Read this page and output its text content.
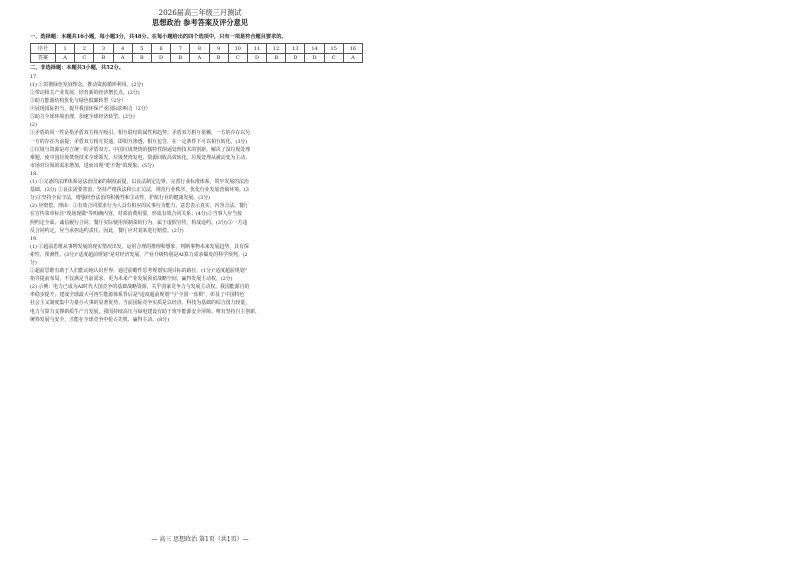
2026届高三年级三月测试
思想政治 参考答案及评分意见
一、选择题：本题共16小题，每小题3分，共48分。在每小题给出的四个选项中，只有一项是符合题目要求的。
序号	1	2	3	4	5	6	7	8	9	10	11	12	13	14	15	16
答案	A	C	B	A	B	D	B	A	B	C	D	B	D	D	C	A
二、非选择题：本题共3小题，共52分。

17.

(1) ①贯彻绿色发展理念，推动资源循环利用。(2分)

②带动相关产业发展，培育新的经济增长点。(2分)

③助力能源结构优化与绿色低碳转型（2分）

④展现国际担当，提升我国环保产业国际影响力（2分）

⑤助力全球环境治理，加速全球经济转型。(2分)

(2)

①矛盾的同一性是指矛盾双方相互吸引、相互联结的属性和趋势。矛盾双方相互依赖，一方的存在以另

一方的存在为前提；矛盾双方相互贯通，即相互渗透，相互包含，在一定条件下可以相互转化。(3分)

②垃圾与资源是对立统一的矛盾双方。中国垃圾焚烧的独特性倒逼处理技术的创新，解决了湿垃圾处理

难题，使中国垃圾焚烧技术全球领先。垃圾焚烧发电、资源回收高效转化。垃圾处理从被动变为主动，

市场对垃圾的需求增加，进而出现"吃不饱"的现象。(5分)

18.

(1) ①完备的法律体系是法治国家的制度前提，以良法制定边界，完善行业标准体系，筑牢发展的法治

基础。(3分) ②良法需要善治，坚持严格执法和公正司法，规范行业秩序，优化行业发展营商环境。(3

分)③坚持全民守法，增强经营法治的积极性和主动性，护航行业的健康发展。(3分)

(2) 应赔偿。理由：①有效合同要求行为人具有相应的民事行为能力，意思表示真实，内容合法。餐厅

在宣传菜单标注"现场现做"等明确内容，对菜消费用要，形成有效合同关系；(4分)②当事人应当按

照约定全面、诚信履行合同。餐厅实际使用预制菜的行为，属于虚假宣传，构成违约。(3分)③一方违

反合同约定，应当承担违约责任。因此，餐厅应对刘某进行赔偿。(2分)

19.

(1) ①超前思维从事物发展的现实情况出发，运用合理的推理和想象，判断事物未来发展趋势，具有探

索性、预测性。(3分)"适度超前规划"是对经济发展、产业升级特别是AI算力需求爆发的科学预判。(2

分)

②超前思维有助于人们能动地认识世界，通过前瞻性思考规划实现目标的路径。(1分)"适度超前规划"

指导提前布局，不仅满足当前需求，更为未来产业发展预留战略空间，赢得发展主动权。(2分)

(2) 示例：电力已成为AI时代大国竞争的基础战略资源，关乎国家竞争力与发展主动权。我国能源自给

率稳步提升，建成全球最大可再生能源体系背后是"适度超前规划"与"全国一盘棋"，彰显了中国特色

社会主义制度集中力量办大事的显著优势。当前国际竞争实质是以经济、科技为基础的综合国力较量，

电力与算力支撑新质生产力发展，我国持续高压与绿电建设有助于筑牢能源安全屏障。唯有坚持自主创新，

统筹发展与安全，才能在全球竞争中抢占先机、赢得主动。(8分)

— 高三 思想政治 第1页（共1页）—
